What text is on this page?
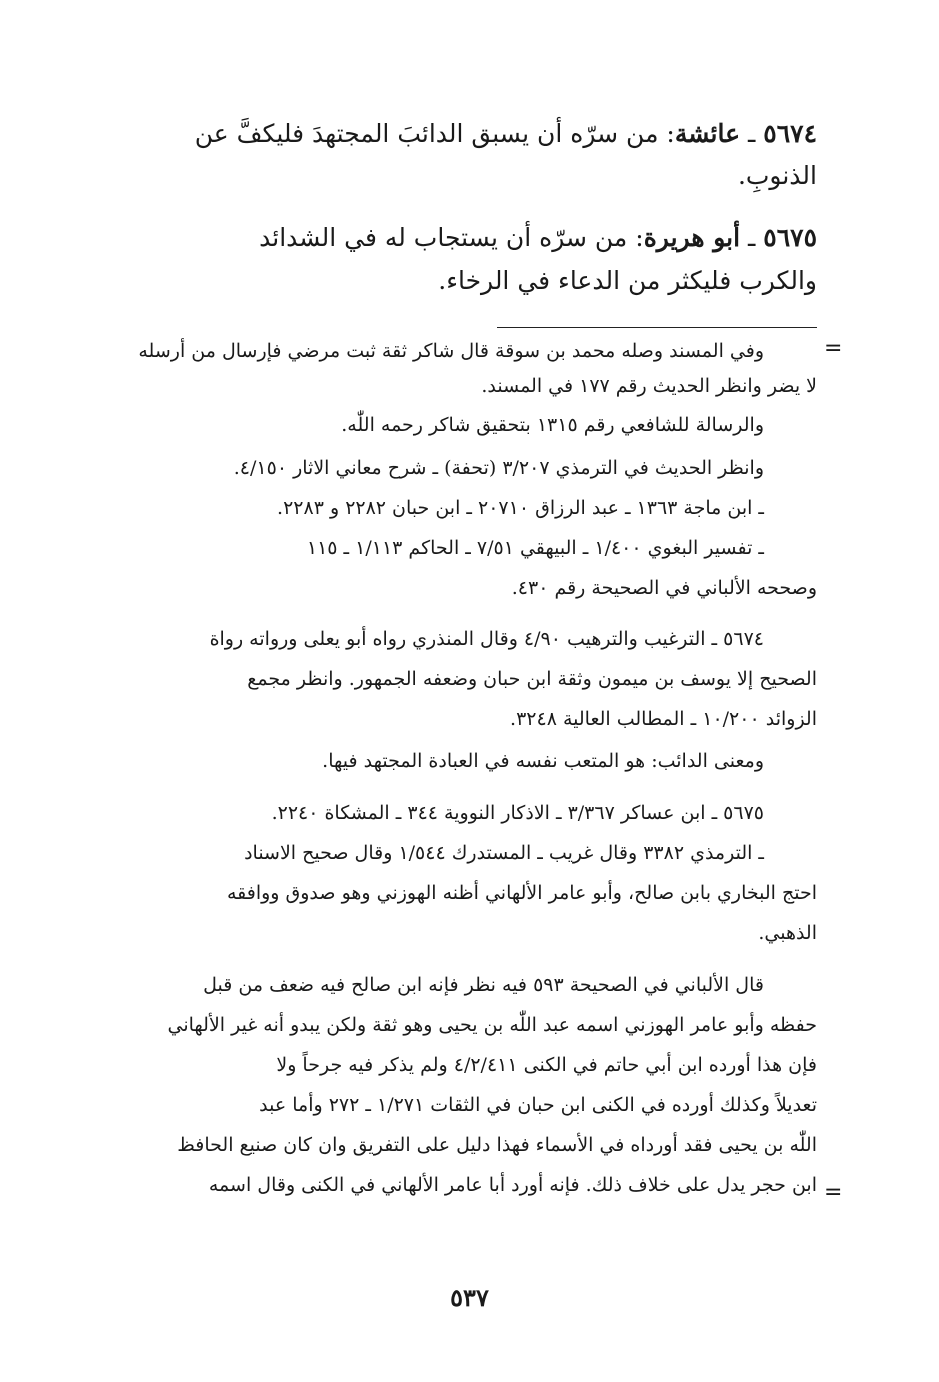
٥٦٧٤ ـ عائشة: من سرّه أن يسبق الدائبَ المجتهدَ فليكفَّ عن
الذنوبِ.
٥٦٧٥ ـ أبو هريرة: من سرّه أن يستجاب له في الشدائد
والكرب فليكثر من الدعاء في الرخاء.
=
=
وفي المسند وصله محمد بن سوقة قال شاكر ثقة ثبت مرضي فإرسال من أرسله
لا يضر وانظر الحديث رقم ١٧٧ في المسند.
والرسالة للشافعي رقم ١٣١٥ بتحقيق شاكر رحمه اللّٰه.
وانظر الحديث في الترمذي ٣/٢٠٧ (تحفة) ـ شرح معاني الاثار ٤/١٥٠.
ـ ابن ماجة ١٣٦٣ ـ عبد الرزاق ٢٠٧١٠ ـ ابن حبان ٢٢٨٢ و ٢٢٨٣.
ـ تفسير البغوي ١/٤٠٠ ـ البيهقي ٧/٥١ ـ الحاكم ١/١١٣ ـ ١١٥
وصححه الألباني في الصحيحة رقم ٤٣٠.
٥٦٧٤ ـ الترغيب والترهيب ٤/٩٠ وقال المنذري رواه أبو يعلى ورواته رواة
الصحيح إلا يوسف بن ميمون وثقة ابن حبان وضعفه الجمهور. وانظر مجمع
الزوائد ١٠/٢٠٠ ـ المطالب العالية ٣٢٤٨.
ومعنى الدائب: هو المتعب نفسه في العبادة المجتهد فيها.
٥٦٧٥ ـ ابن عساكر ٣/٣٦٧ ـ الاذكار النووية ٣٤٤ ـ المشكاة ٢٢٤٠.
ـ الترمذي ٣٣٨٢ وقال غريب ـ المستدرك ١/٥٤٤ وقال صحيح الاسناد
احتج البخاري بابن صالح، وأبو عامر الألهاني أظنه الهوزني وهو صدوق ووافقه
الذهبي.
قال الألباني في الصحيحة ٥٩٣ فيه نظر فإنه ابن صالح فيه ضعف من قبل
حفظه وأبو عامر الهوزني اسمه عبد اللّٰه بن يحيى وهو ثقة ولكن يبدو أنه غير الألهاني
فإن هذا أورده ابن أبي حاتم في الكنى ٤/٢/٤١١ ولم يذكر فيه جرحاً ولا
تعديلاً وكذلك أورده في الكنى ابن حبان في الثقات ١/٢٧١ ـ ٢٧٢ وأما عبد
اللّٰه بن يحيى فقد أورداه في الأسماء فهذا دليل على التفريق وان كان صنيع الحافظ
ابن حجر يدل على خلاف ذلك. فإنه أورد أبا عامر الألهاني في الكنى وقال اسمه
٥٣٧
